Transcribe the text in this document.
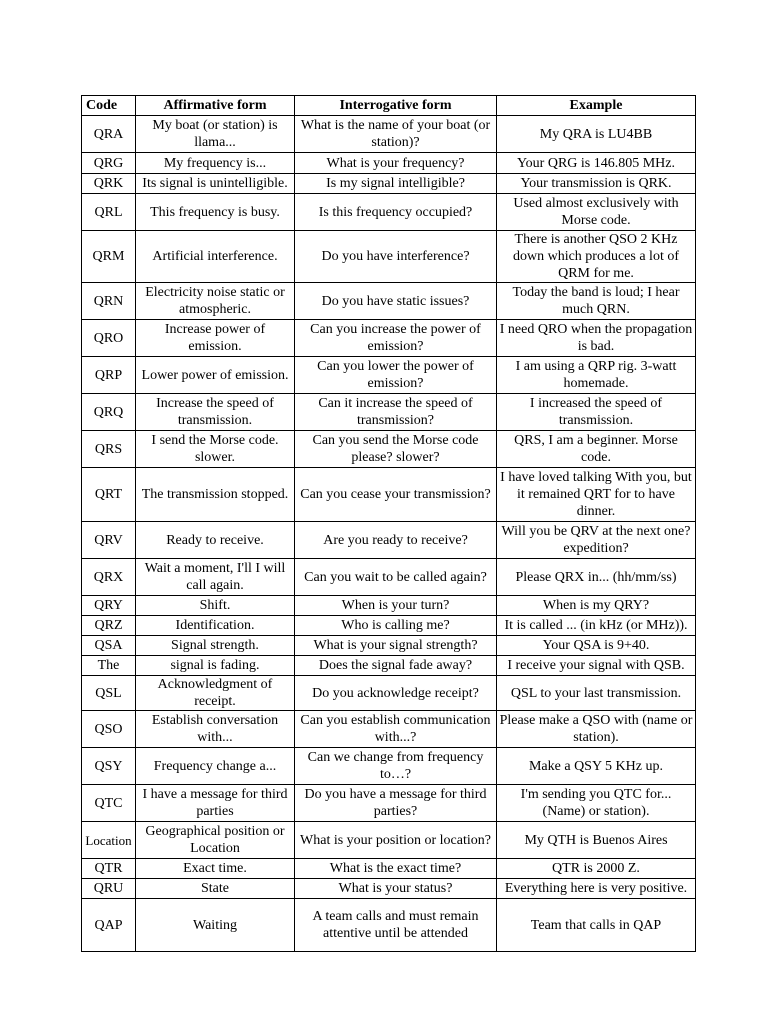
Code	Affirmative form	Interrogative form	Example
QRA	My boat (or station) is llama...	What is the name of your boat (or station)?	My QRA is LU4BB
QRG	My frequency is...	What is your frequency?	Your QRG is 146.805 MHz.
QRK	Its signal is unintelligible.	Is my signal intelligible?	Your transmission is QRK.
QRL	This frequency is busy.	Is this frequency occupied?	Used almost exclusively with Morse code.
QRM	Artificial interference.	Do you have interference?	There is another QSO 2 KHz down which produces a lot of QRM for me.
QRN	Electricity noise static or atmospheric.	Do you have static issues?	Today the band is loud; I hear much QRN.
QRO	Increase power of emission.	Can you increase the power of emission?	I need QRO when the propagation is bad.
QRP	Lower power of emission.	Can you lower the power of emission?	I am using a QRP rig. 3-watt homemade.
QRQ	Increase the speed of transmission.	Can it increase the speed of transmission?	I increased the speed of transmission.
QRS	I send the Morse code. slower.	Can you send the Morse code please? slower?	QRS, I am a beginner. Morse code.
QRT	The transmission stopped.	Can you cease your transmission?	I have loved talking With you, but it remained QRT for to have dinner.
QRV	Ready to receive.	Are you ready to receive?	Will you be QRV at the next one? expedition?
QRX	Wait a moment, I'll I will call again.	Can you wait to be called again?	Please QRX in... (hh/mm/ss)
QRY	Shift.	When is your turn?	When is my QRY?
QRZ	Identification.	Who is calling me?	It is called ... (in kHz (or MHz)).
QSA	Signal strength.	What is your signal strength?	Your QSA is 9+40.
The	signal is fading.	Does the signal fade away?	I receive your signal with QSB.
QSL	Acknowledgment of receipt.	Do you acknowledge receipt?	QSL to your last transmission.
QSO	Establish conversation with...	Can you establish communication with...?	Please make a QSO with (name or station).
QSY	Frequency change a...	Can we change from frequency to…?	Make a QSY 5 KHz up.
QTC	I have a message for third parties	Do you have a message for third parties?	I'm sending you QTC for... (Name) or station).
Location	Geographical position or Location	What is your position or location?	My QTH is Buenos Aires
QTR	Exact time.	What is the exact time?	QTR is 2000 Z.
QRU	State	What is your status?	Everything here is very positive.
QAP	Waiting	A team calls and must remain attentive until be attended	Team that calls in QAP
